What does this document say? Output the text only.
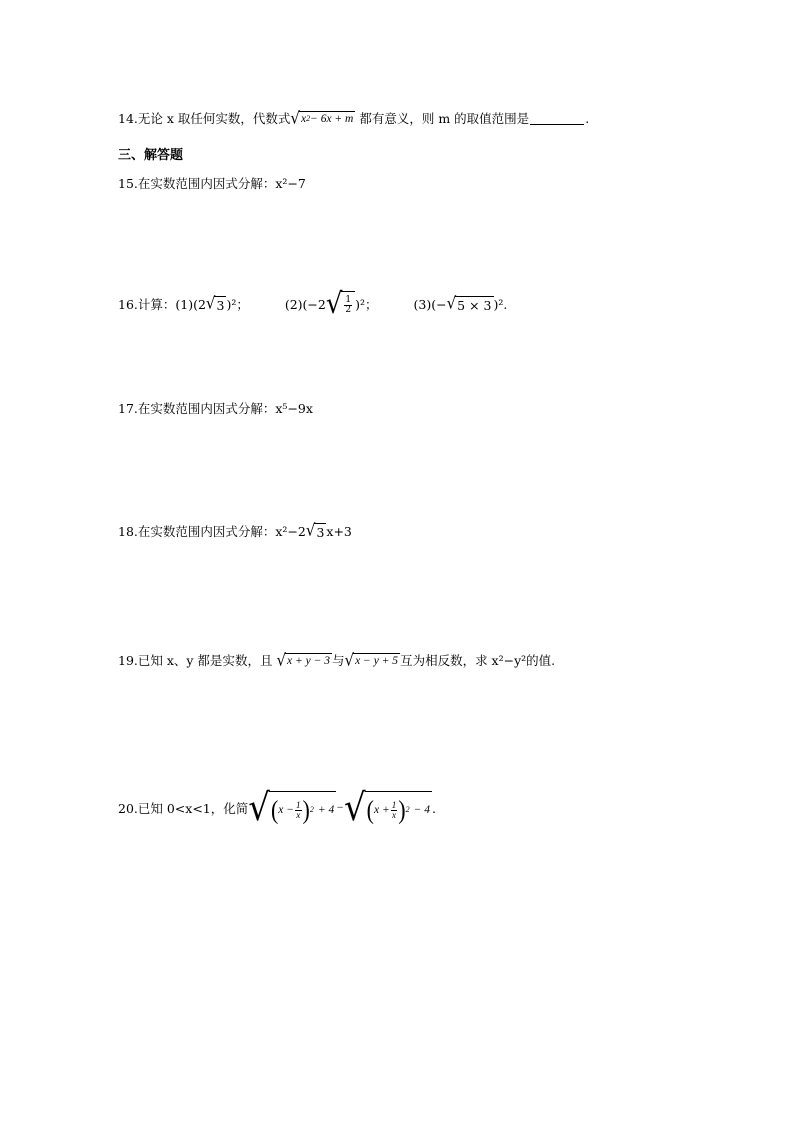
14.无论 x 取任何实数，代数式 √ x 2 − 6x + m 都有意义，则 m 的取值范围是	.
三、解答题
15.在实数范围内因式分解：x²−7
16.计算：(1)(2 √ 3 )²；	(2)(−2 √ $\frac{1}{2} )^2$；	(3)(− √ 5 × 3 )².
17.在实数范围内因式分解：x⁵−9x
18.在实数范围内因式分解：x²−2 √ 3 x+3
19.已知 x、y 都是实数，且 √ x + y − 3 与 √ x − y + 5 互为相反数，求 x²−y²的值.
20.已知 0<x<1，化简 √ ( $x - \frac{1}{x}$ ) 2 + 4 − √ ( $x + \frac{1}{x}$ ) 2 − 4 .
